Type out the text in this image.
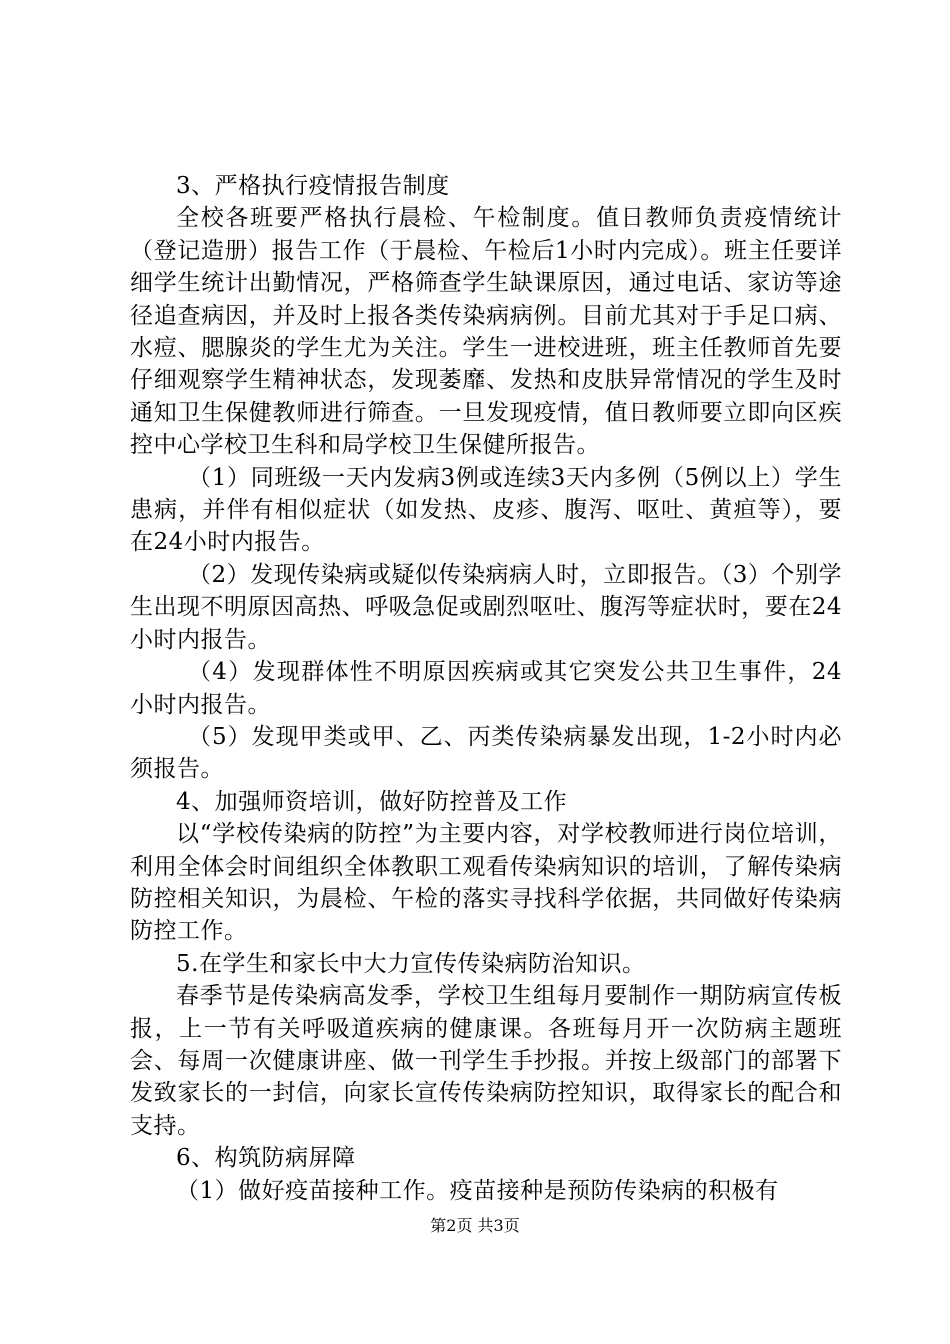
3、严格执行疫情报告制度

全校各班要严格执行晨检、午检制度。值日教师负责疫情统计（登记造册）报告工作（于晨检、午检后1小时内完成）。班主任要详细学生统计出勤情况，严格筛查学生缺课原因，通过电话、家访等途径追查病因，并及时上报各类传染病病例。目前尤其对于手足口病、水痘、腮腺炎的学生尤为关注。学生一进校进班，班主任教师首先要仔细观察学生精神状态，发现萎靡、发热和皮肤异常情况的学生及时通知卫生保健教师进行筛查。一旦发现疫情，值日教师要立即向区疾控中心学校卫生科和局学校卫生保健所报告。

（1）同班级一天内发病3例或连续3天内多例（5例以上）学生患病，并伴有相似症状（如发热、皮疹、腹泻、呕吐、黄疸等），要在24小时内报告。

（2）发现传染病或疑似传染病病人时，立即报告。（3）个别学生出现不明原因高热、呼吸急促或剧烈呕吐、腹泻等症状时，要在24小时内报告。

（4）发现群体性不明原因疾病或其它突发公共卫生事件，24小时内报告。

（5）发现甲类或甲、乙、丙类传染病暴发出现，1-2小时内必须报告。

4、加强师资培训，做好防控普及工作

以“学校传染病的防控”为主要内容，对学校教师进行岗位培训，利用全体会时间组织全体教职工观看传染病知识的培训，了解传染病防控相关知识，为晨检、午检的落实寻找科学依据，共同做好传染病防控工作。

5.在学生和家长中大力宣传传染病防治知识。

春季节是传染病高发季，学校卫生组每月要制作一期防病宣传板报，上一节有关呼吸道疾病的健康课。各班每月开一次防病主题班会、每周一次健康讲座、做一刊学生手抄报。并按上级部门的部署下发致家长的一封信，向家长宣传传染病防控知识，取得家长的配合和支持。

6、构筑防病屏障

（1）做好疫苗接种工作。疫苗接种是预防传染病的积极有

第2页 共3页
